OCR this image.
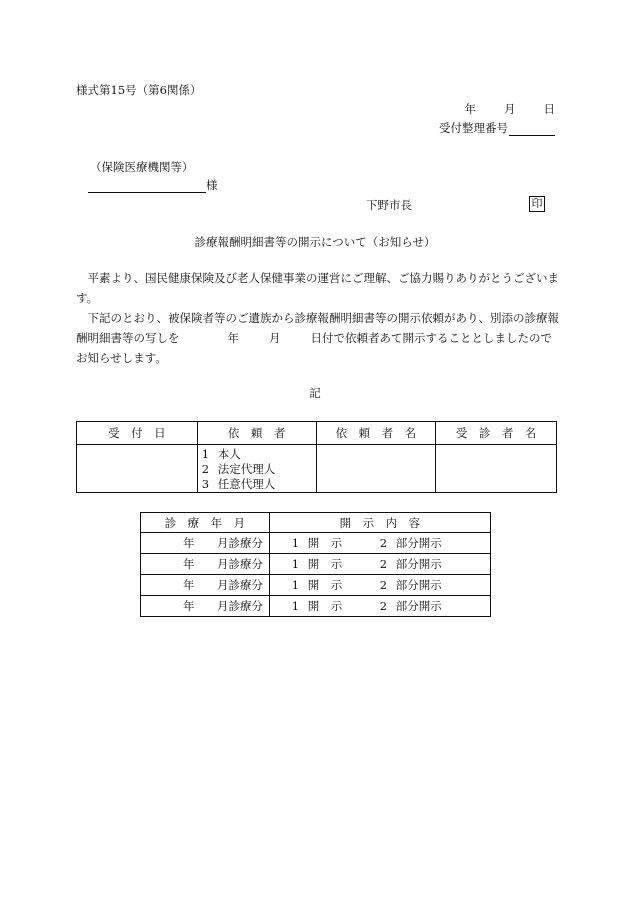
様式第15号（第6関係）
年 月 日
受付整理番号
（保険医療機関等）
様
下野市長	印
診療報酬明細書等の開示について（お知らせ）

平素より、国民健康保険及び老人保健事業の運営にご理解、ご協力賜りありがとうございます。

下記のとおり、被保険者等のご遺族から診療報酬明細書等の開示依頼があり、別添の診療報酬明細書等の写しを	年	月	日付で依頼者あて開示することとしましたのでお知らせします。

記
受　付　日	依　頼　者	依　頼　者　名	受　診　者　名

	1 本人
2 法定代理人
3 任意代理人		

診　療　年　月	開　示　内　容
年 月診療分	1 開　示 2 部分開示
年 月診療分	1 開　示 2 部分開示
年 月診療分	1 開　示 2 部分開示
年 月診療分	1 開　示 2 部分開示
